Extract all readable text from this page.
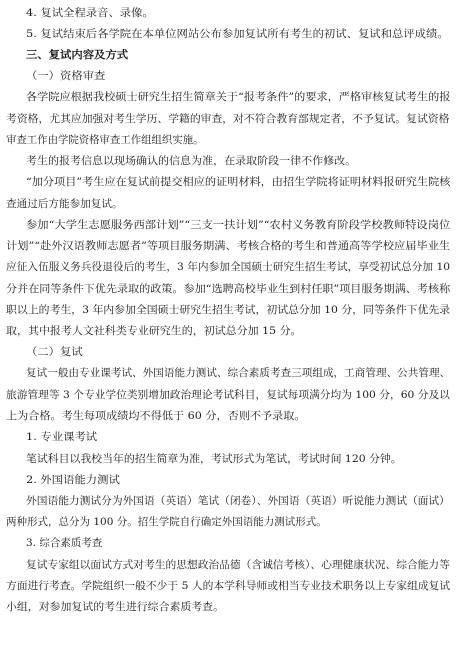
4. 复试全程录音、录像。
5. 复试结束后各学院在本单位网站公布参加复试所有考生的初试、复试和总评成绩。
三、复试内容及方式
（一）资格审查
各学院应根据我校硕士研究生招生简章关于“报考条件”的要求，严格审核复试考生的报
考资格，尤其应加强对考生学历、学籍的审查，对不符合教育部规定者，不予复试。复试资格
审查工作由学院资格审查工作组组织实施。
考生的报考信息以现场确认的信息为准，在录取阶段一律不作修改。
“加分项目”考生应在复试前提交相应的证明材料，由招生学院将证明材料报研究生院核
查通过后方能参加复试。
参加“大学生志愿服务西部计划”“三支一扶计划”“农村义务教育阶段学校教师特设岗位
计划”“赴外汉语教师志愿者”等项目服务期满、考核合格的考生和普通高等学校应届毕业生
应征入伍服义务兵役退役后的考生，3 年内参加全国硕士研究生招生考试，享受初试总分加 10
分并在同等条件下优先录取的政策。参加“选聘高校毕业生到村任职”项目服务期满、考核称
职以上的考生，3 年内参加全国硕士研究生招生考试，初试总分加 10 分，同等条件下优先录
取，其中报考人文社科类专业研究生的，初试总分加 15 分。
（二）复试
复试一般由专业课考试、外国语能力测试、综合素质考查三项组成，工商管理、公共管理、
旅游管理等 3 个专业学位类别增加政治理论考试科目，复试每项满分均为 100 分，60 分及以
上为合格。考生每项成绩均不得低于 60 分，否则不予录取。
1. 专业课考试
笔试科目以我校当年的招生简章为准，考试形式为笔试，考试时间 120 分钟。
2. 外国语能力测试
外国语能力测试分为外国语（英语）笔试（闭卷）、外国语（英语）听说能力测试（面试）
两种形式，总分为 100 分。招生学院自行确定外国语能力测试形式。
3. 综合素质考查
复试专家组以面试方式对考生的思想政治品德（含诚信考核）、心理健康状况、综合能力等
方面进行考查。学院组织一般不少于 5 人的本学科导师或相当专业技术职务以上专家组成复试
小组，对参加复试的考生进行综合素质考查。
